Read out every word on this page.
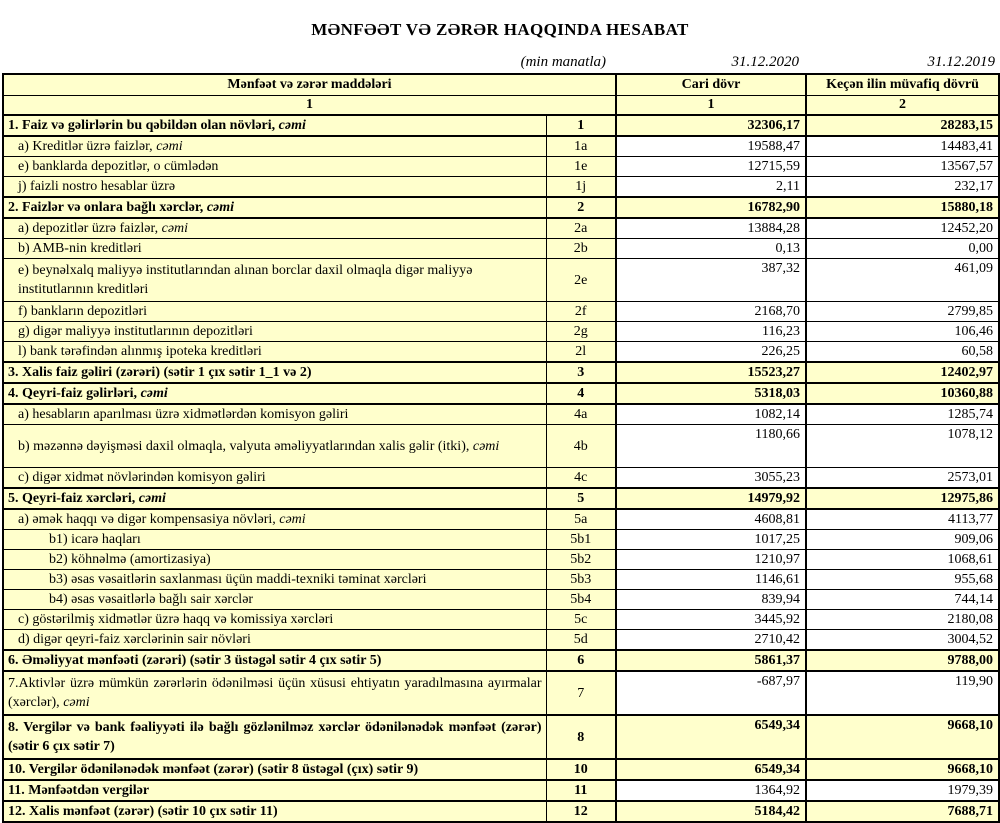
MƏNFƏƏT VƏ ZƏRƏR HAQQINDA HESABAT
(min manatla)	31.12.2020	31.12.2019
Mənfəət və zərər maddələri		Cari dövr	Keçən ilin müvafiq dövrü
1		1	2
1. Faiz və gəlirlərin bu qəbildən olan növləri, cəmi	1	32306,17	28283,15
a) Kreditlər üzrə faizlər, cəmi	1a	19588,47	14483,41
e) banklarda depozitlər, o cümlədən	1e	12715,59	13567,57
j) faizli nostro hesablar üzrə	1j	2,11	232,17
2. Faizlər və onlara bağlı xərclər, cəmi	2	16782,90	15880,18
a) depozitlər üzrə faizlər, cəmi	2a	13884,28	12452,20
b) AMB-nin kreditləri	2b	0,13	0,00
e) beynəlxalq maliyyə institutlarından alınan borclar daxil olmaqla digər maliyyə institutlarının kreditləri	2e	387,32	461,09
f) bankların depozitləri	2f	2168,70	2799,85
g) digər maliyyə institutlarının depozitləri	2g	116,23	106,46
l) bank tərəfindən alınmış ipoteka kreditləri	2l	226,25	60,58
3. Xalis faiz gəliri (zərəri) (sətir 1 çıx sətir 1_1 və 2)	3	15523,27	12402,97
4. Qeyri-faiz gəlirləri, cəmi	4	5318,03	10360,88
a) hesabların aparılması üzrə xidmətlərdən komisyon gəliri	4a	1082,14	1285,74
b) məzənnə dəyişməsi daxil olmaqla, valyuta əməliyyatlarından xalis gəlir (itki), cəmi	4b	1180,66	1078,12
c) digər xidmət növlərindən komisyon gəliri	4c	3055,23	2573,01
5. Qeyri-faiz xərcləri, cəmi	5	14979,92	12975,86
a) əmək haqqı və digər kompensasiya növləri, cəmi	5a	4608,81	4113,77
b1) icarə haqları	5b1	1017,25	909,06
b2) köhnəlmə (amortizasiya)	5b2	1210,97	1068,61
b3) əsas vəsaitlərin saxlanması üçün maddi-texniki təminat xərcləri	5b3	1146,61	955,68
b4) əsas vəsaitlərlə bağlı sair xərclər	5b4	839,94	744,14
c) göstərilmiş xidmətlər üzrə haqq və komissiya xərcləri	5c	3445,92	2180,08
d) digər qeyri-faiz xərclərinin sair növləri	5d	2710,42	3004,52
6. Əməliyyat mənfəəti (zərəri) (sətir 3 üstəgəl sətir 4 çıx sətir 5)	6	5861,37	9788,00
7.Aktivlər üzrə mümkün zərərlərin ödənilməsi üçün xüsusi ehtiyatın yaradılmasına ayırmalar (xərclər), cəmi	7	-687,97	119,90
8. Vergilər və bank fəaliyyəti ilə bağlı gözlənilməz xərclər ödənilənədək mənfəət (zərər) (sətir 6 çıx sətir 7)	8	6549,34	9668,10
10. Vergilər ödənilənədək mənfəət (zərər) (sətir 8 üstəgəl (çıx) sətir 9)	10	6549,34	9668,10
11. Mənfəətdən vergilər	11	1364,92	1979,39
12. Xalis mənfəət (zərər) (sətir 10 çıx sətir 11)	12	5184,42	7688,71
